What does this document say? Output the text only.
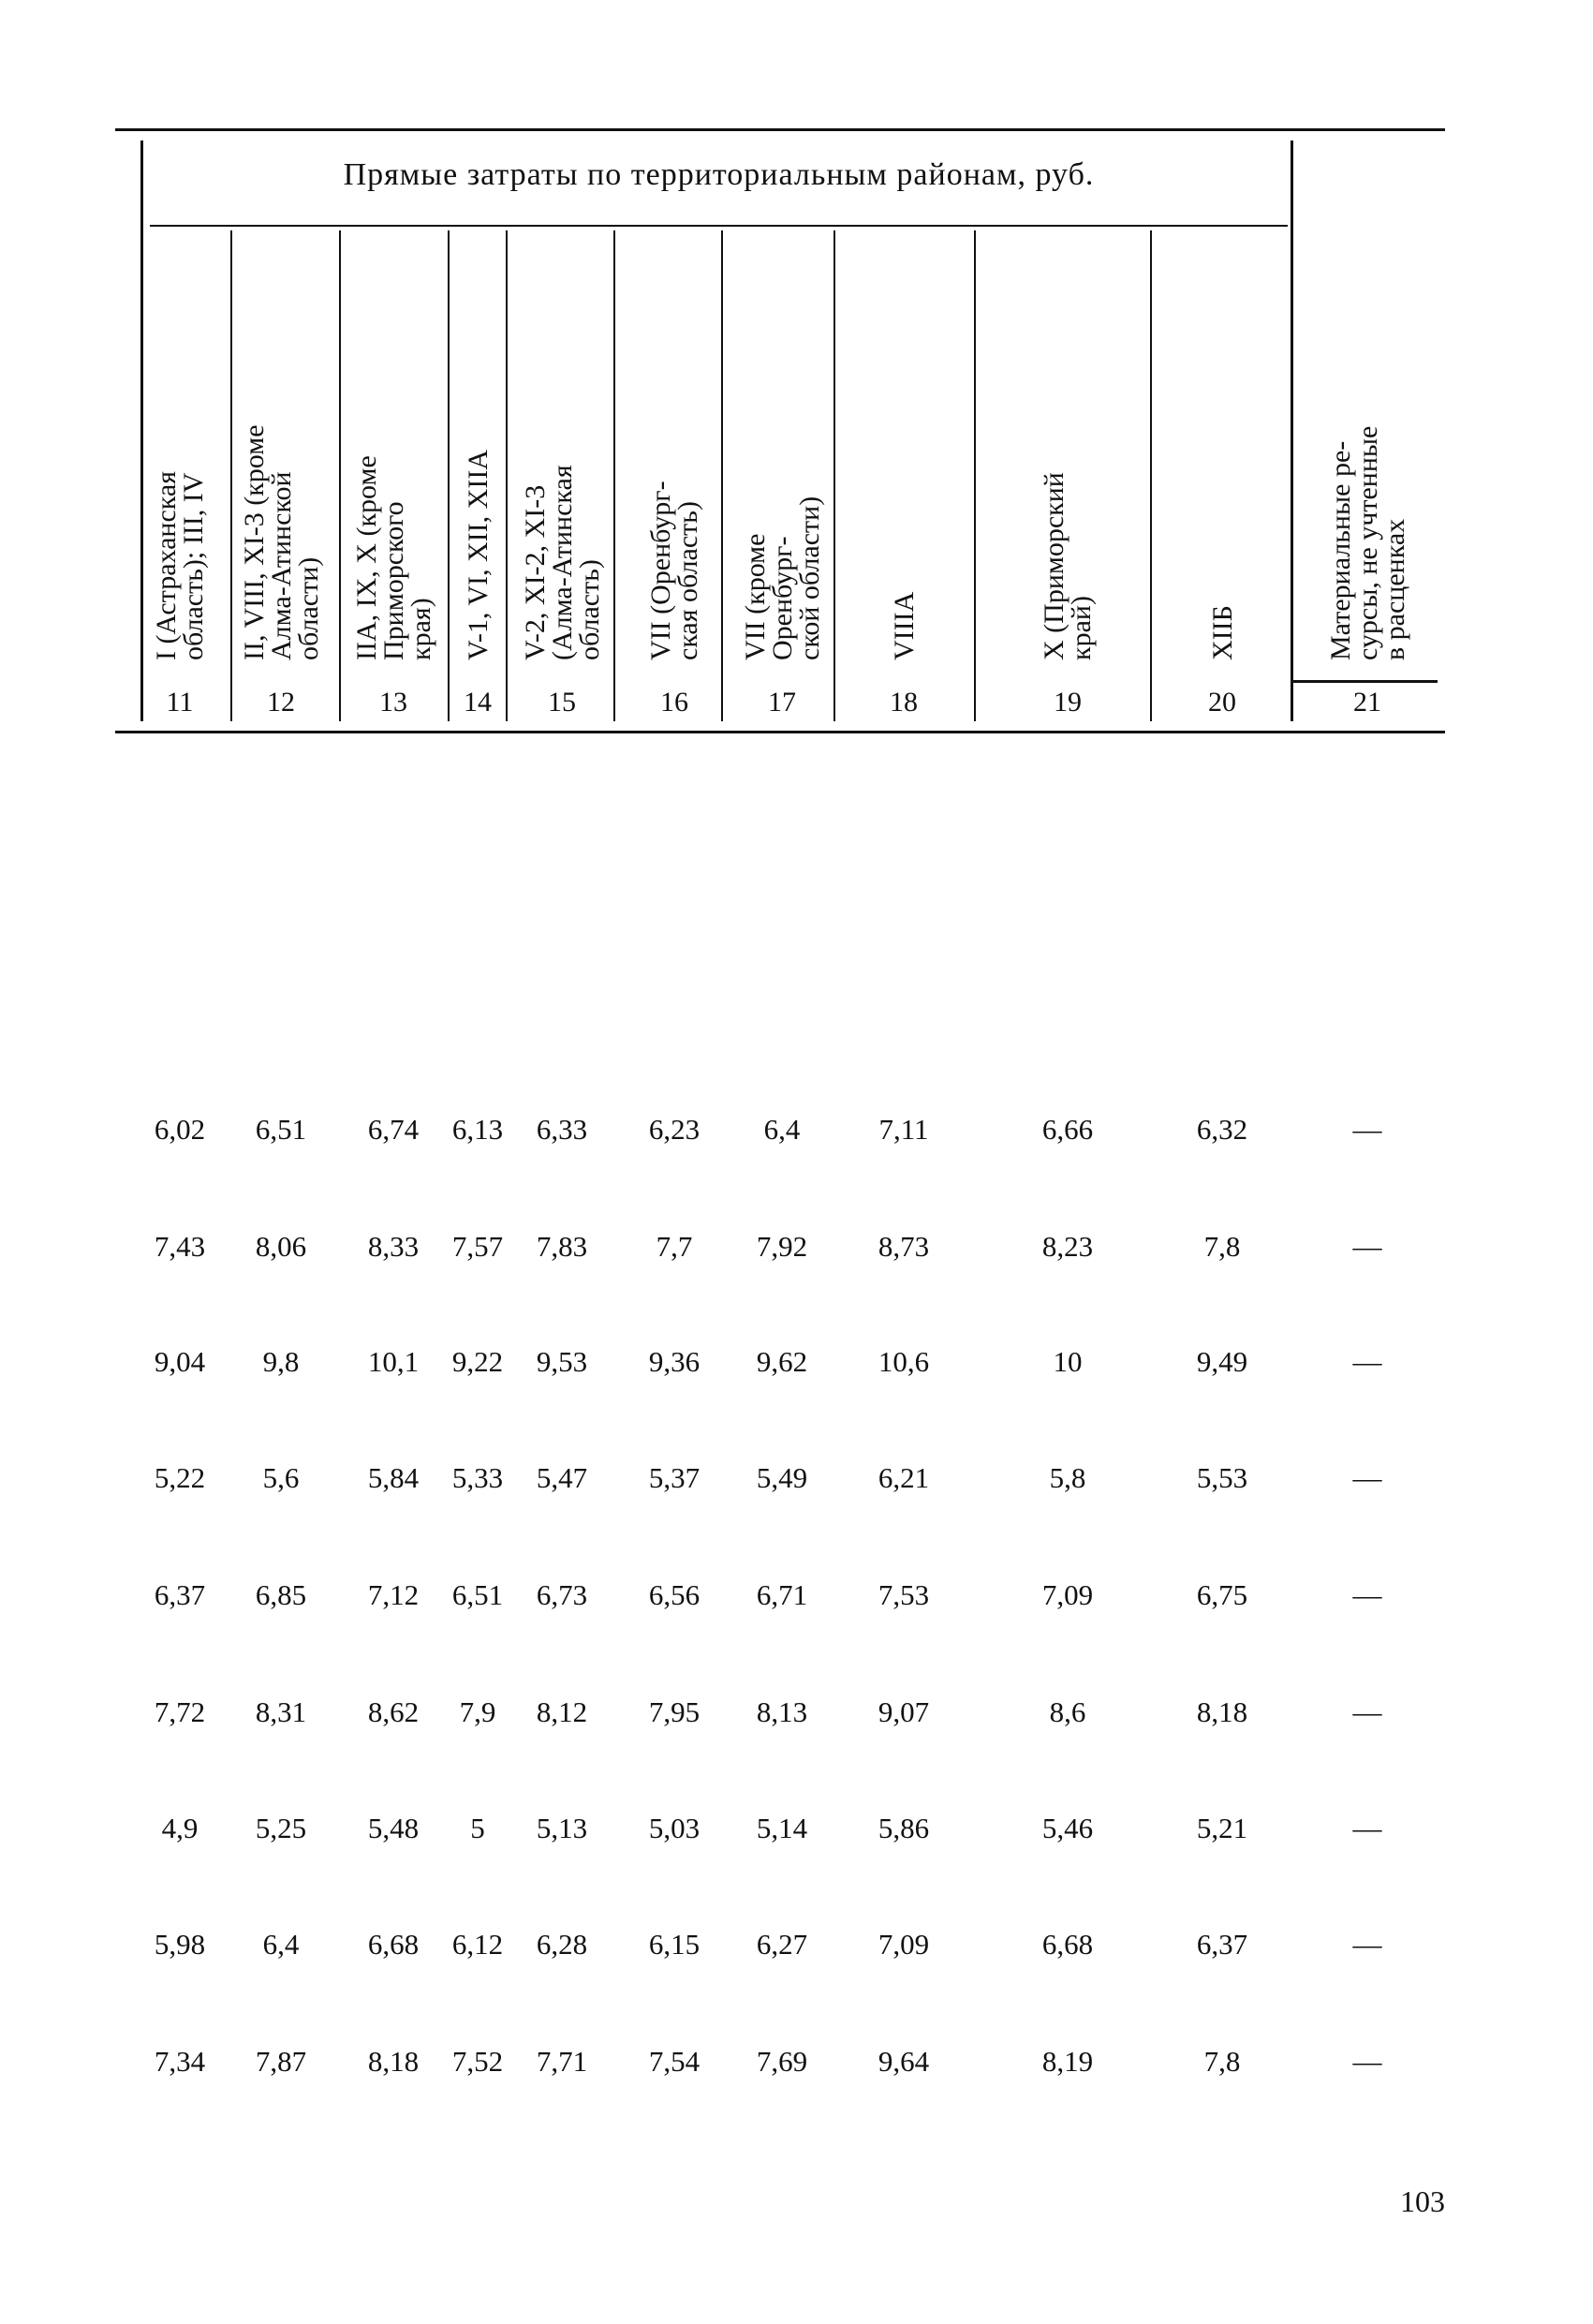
Прямые затраты по территориальным районам, руб.
I (Астраханская
область); III, IV
11
II, VIII, XI-3 (кроме
Алма-Атинской
области)
12
IIA, IX, X (кроме
Приморского
края)
13
V-1, VI, XII, XIIA
14
V-2, XI-2, XI-3
(Алма-Атинская
область)
15
VII (Оренбург-
ская область)
16
VII (кроме
Оренбург-
ской области)
17
VIIIA
18
X (Приморский
край)
19
XIIБ
20
Материальные ре-
сурсы, не учтенные
в расценках
21
6,02	6,51	6,74	6,13	6,33	6,23	6,4	7,11	6,66	6,32	—
7,43	8,06	8,33	7,57	7,83	7,7	7,92	8,73	8,23	7,8	—
9,04	9,8	10,1	9,22	9,53	9,36	9,62	10,6	10	9,49	—
5,22	5,6	5,84	5,33	5,47	5,37	5,49	6,21	5,8	5,53	—
6,37	6,85	7,12	6,51	6,73	6,56	6,71	7,53	7,09	6,75	—
7,72	8,31	8,62	7,9	8,12	7,95	8,13	9,07	8,6	8,18	—
4,9	5,25	5,48	5	5,13	5,03	5,14	5,86	5,46	5,21	—
5,98	6,4	6,68	6,12	6,28	6,15	6,27	7,09	6,68	6,37	—
7,34	7,87	8,18	7,52	7,71	7,54	7,69	9,64	8,19	7,8	—
103
